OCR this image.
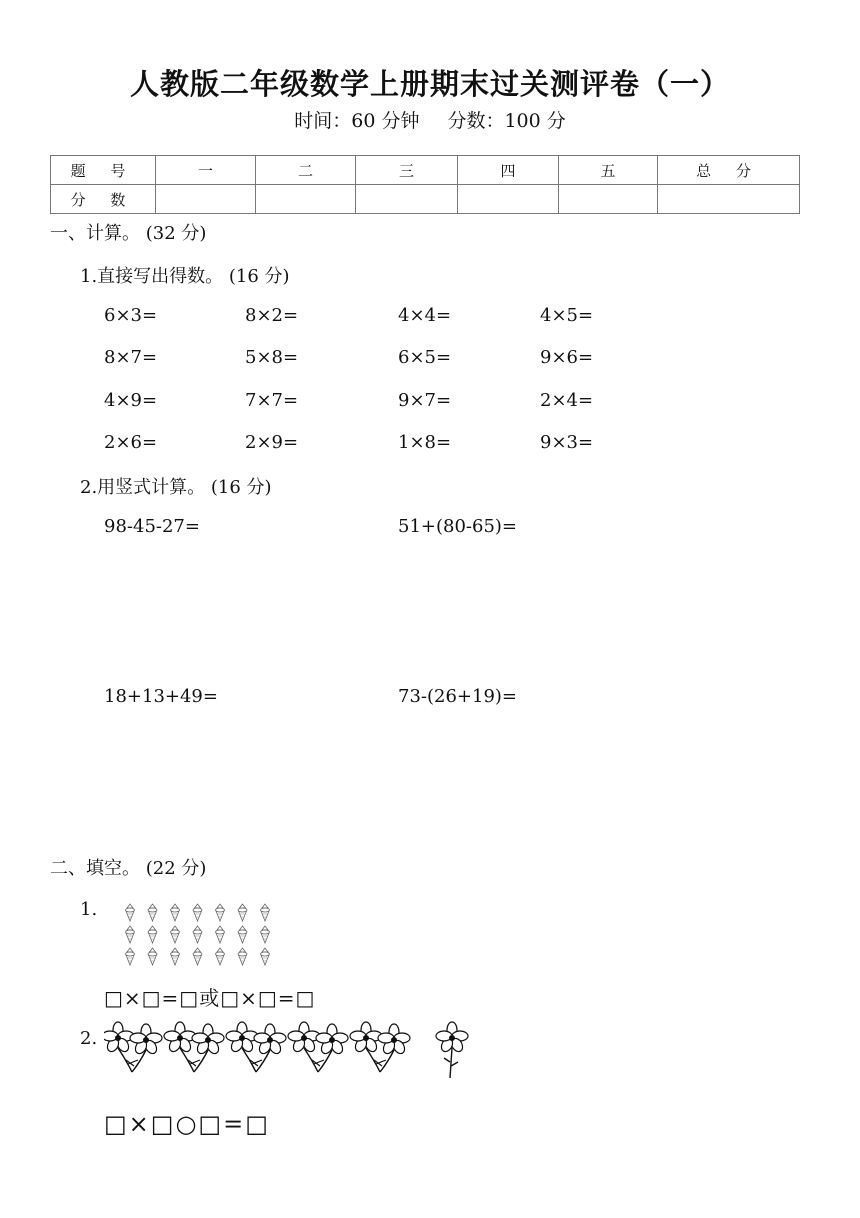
人教版二年级数学上册期末过关测评卷（一）
时间：60 分钟 分数：100 分
题 号	一	二	三	四	五	总 分
分 数						
一、计算。 (32 分)
1.直接写出得数。 (16 分)
6×3=	8×2=	4×4=	4×5=
8×7=	5×8=	6×5=	9×6=
4×9=	7×7=	9×7=	2×4=
2×6=	2×9=	1×8=	9×3=
2.用竖式计算。 (16 分)
98-45-27=	51+(80-65)=
18+13+49=	73-(26+19)=
二、填空。 (22 分)
1.
□×□=□或□×□=□
2.
□×□○□=□
